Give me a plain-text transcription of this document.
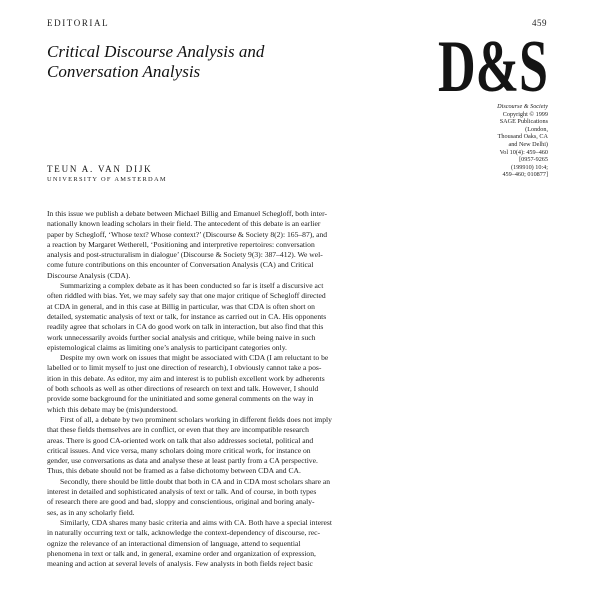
EDITORIAL	459
Critical Discourse Analysis and
Conversation Analysis	D&S
Discourse & Society
Copyright © 1999
SAGE Publications
(London,
Thousand Oaks, CA
and New Delhi)
Vol 10(4): 459–460
[0957-9265
(199910) 10:4;
459–460; 010877]
TEUN A. VAN DIJK
UNIVERSITY OF AMSTERDAM
In this issue we publish a debate between Michael Billig and Emanuel Schegloff, both inter-
nationally known leading scholars in their field. The antecedent of this debate is an earlier
paper by Schegloff, ‘Whose text? Whose context?’ (Discourse & Society 8(2): 165–87), and
a reaction by Margaret Wetherell, ‘Positioning and interpretive repertoires: conversation
analysis and post-structuralism in dialogue’ (Discourse & Society 9(3): 387–412). We wel-
come future contributions on this encounter of Conversation Analysis (CA) and Critical
Discourse Analysis (CDA).
Summarizing a complex debate as it has been conducted so far is itself a discursive act
often riddled with bias. Yet, we may safely say that one major critique of Schegloff directed
at CDA in general, and in this case at Billig in particular, was that CDA is often short on
detailed, systematic analysis of text or talk, for instance as carried out in CA. His opponents
readily agree that scholars in CA do good work on talk in interaction, but also find that this
work unnecessarily avoids further social analysis and critique, while being naive in such
epistemological claims as limiting one’s analysis to participant categories only.
Despite my own work on issues that might be associated with CDA (I am reluctant to be
labelled or to limit myself to just one direction of research), I obviously cannot take a pos-
ition in this debate. As editor, my aim and interest is to publish excellent work by adherents
of both schools as well as other directions of research on text and talk. However, I should
provide some background for the uninitiated and some general comments on the way in
which this debate may be (mis)understood.
First of all, a debate by two prominent scholars working in different fields does not imply
that these fields themselves are in conflict, or even that they are incompatible research
areas. There is good CA-oriented work on talk that also addresses societal, political and
critical issues. And vice versa, many scholars doing more critical work, for instance on
gender, use conversations as data and analyse these at least partly from a CA perspective.
Thus, this debate should not be framed as a false dichotomy between CDA and CA.
Secondly, there should be little doubt that both in CA and in CDA most scholars share an
interest in detailed and sophisticated analysis of text or talk. And of course, in both types
of research there are good and bad, sloppy and conscientious, original and boring analy-
ses, as in any scholarly field.
Similarly, CDA shares many basic criteria and aims with CA. Both have a special interest
in naturally occurring text or talk, acknowledge the context-dependency of discourse, rec-
ognize the relevance of an interactional dimension of language, attend to sequential
phenomena in text or talk and, in general, examine order and organization of expression,
meaning and action at several levels of analysis. Few analysts in both fields reject basic
